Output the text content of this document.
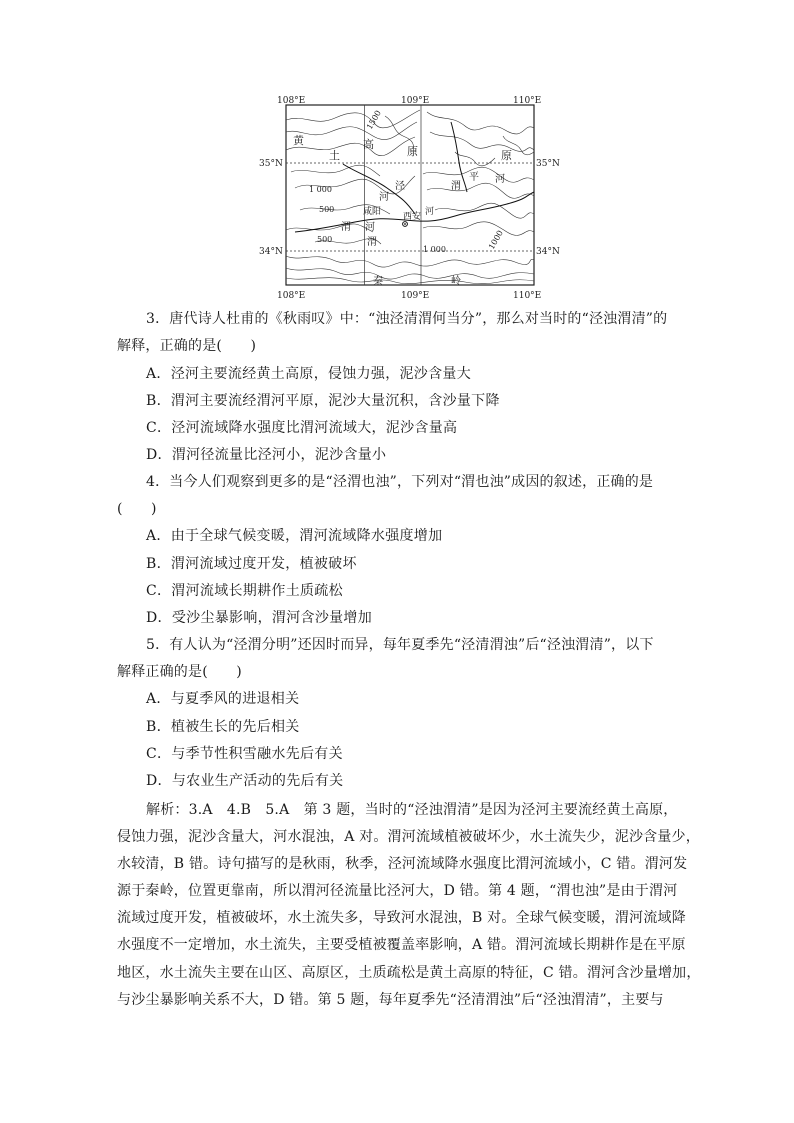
108°E	109°E	110°E
108°E	109°E	110°E
35°N	35°N
34°N	34°N
黄
土
高
原	原
平 河
泾
河
渭
渭 河
渭
咸阳 西安 河
秦	岭
1500
1 000
500
500
1 000	1000
3．唐代诗人杜甫的《秋雨叹》中：“浊泾清渭何当分”，那么对当时的“泾浊渭清”的
解释，正确的是(　　)
A．泾河主要流经黄土高原，侵蚀力强，泥沙含量大
B．渭河主要流经渭河平原，泥沙大量沉积，含沙量下降
C．泾河流域降水强度比渭河流域大，泥沙含量高
D．渭河径流量比泾河小，泥沙含量小
4．当今人们观察到更多的是“泾渭也浊”，下列对“渭也浊”成因的叙述，正确的是
(　　)
A．由于全球气候变暖，渭河流域降水强度增加
B．渭河流域过度开发，植被破坏
C．渭河流域长期耕作土质疏松
D．受沙尘暴影响，渭河含沙量增加
5．有人认为“泾渭分明”还因时而异，每年夏季先“泾清渭浊”后“泾浊渭清”，以下
解释正确的是(　　)
A．与夏季风的进退相关
B．植被生长的先后相关
C．与季节性积雪融水先后有关
D．与农业生产活动的先后有关
解析：3.A　4.B　5.A　第 3 题，当时的“泾浊渭清”是因为泾河主要流经黄土高原，
侵蚀力强，泥沙含量大，河水混浊，A 对。渭河流域植被破坏少，水土流失少，泥沙含量少，
水较清，B 错。诗句描写的是秋雨，秋季，泾河流域降水强度比渭河流域小，C 错。渭河发
源于秦岭，位置更靠南，所以渭河径流量比泾河大，D 错。第 4 题，“渭也浊”是由于渭河
流域过度开发，植被破坏，水土流失多，导致河水混浊，B 对。全球气候变暖，渭河流域降
水强度不一定增加，水土流失，主要受植被覆盖率影响，A 错。渭河流域长期耕作是在平原
地区，水土流失主要在山区、高原区，土质疏松是黄土高原的特征，C 错。渭河含沙量增加，
与沙尘暴影响关系不大，D 错。第 5 题，每年夏季先“泾清渭浊”后“泾浊渭清”，主要与
